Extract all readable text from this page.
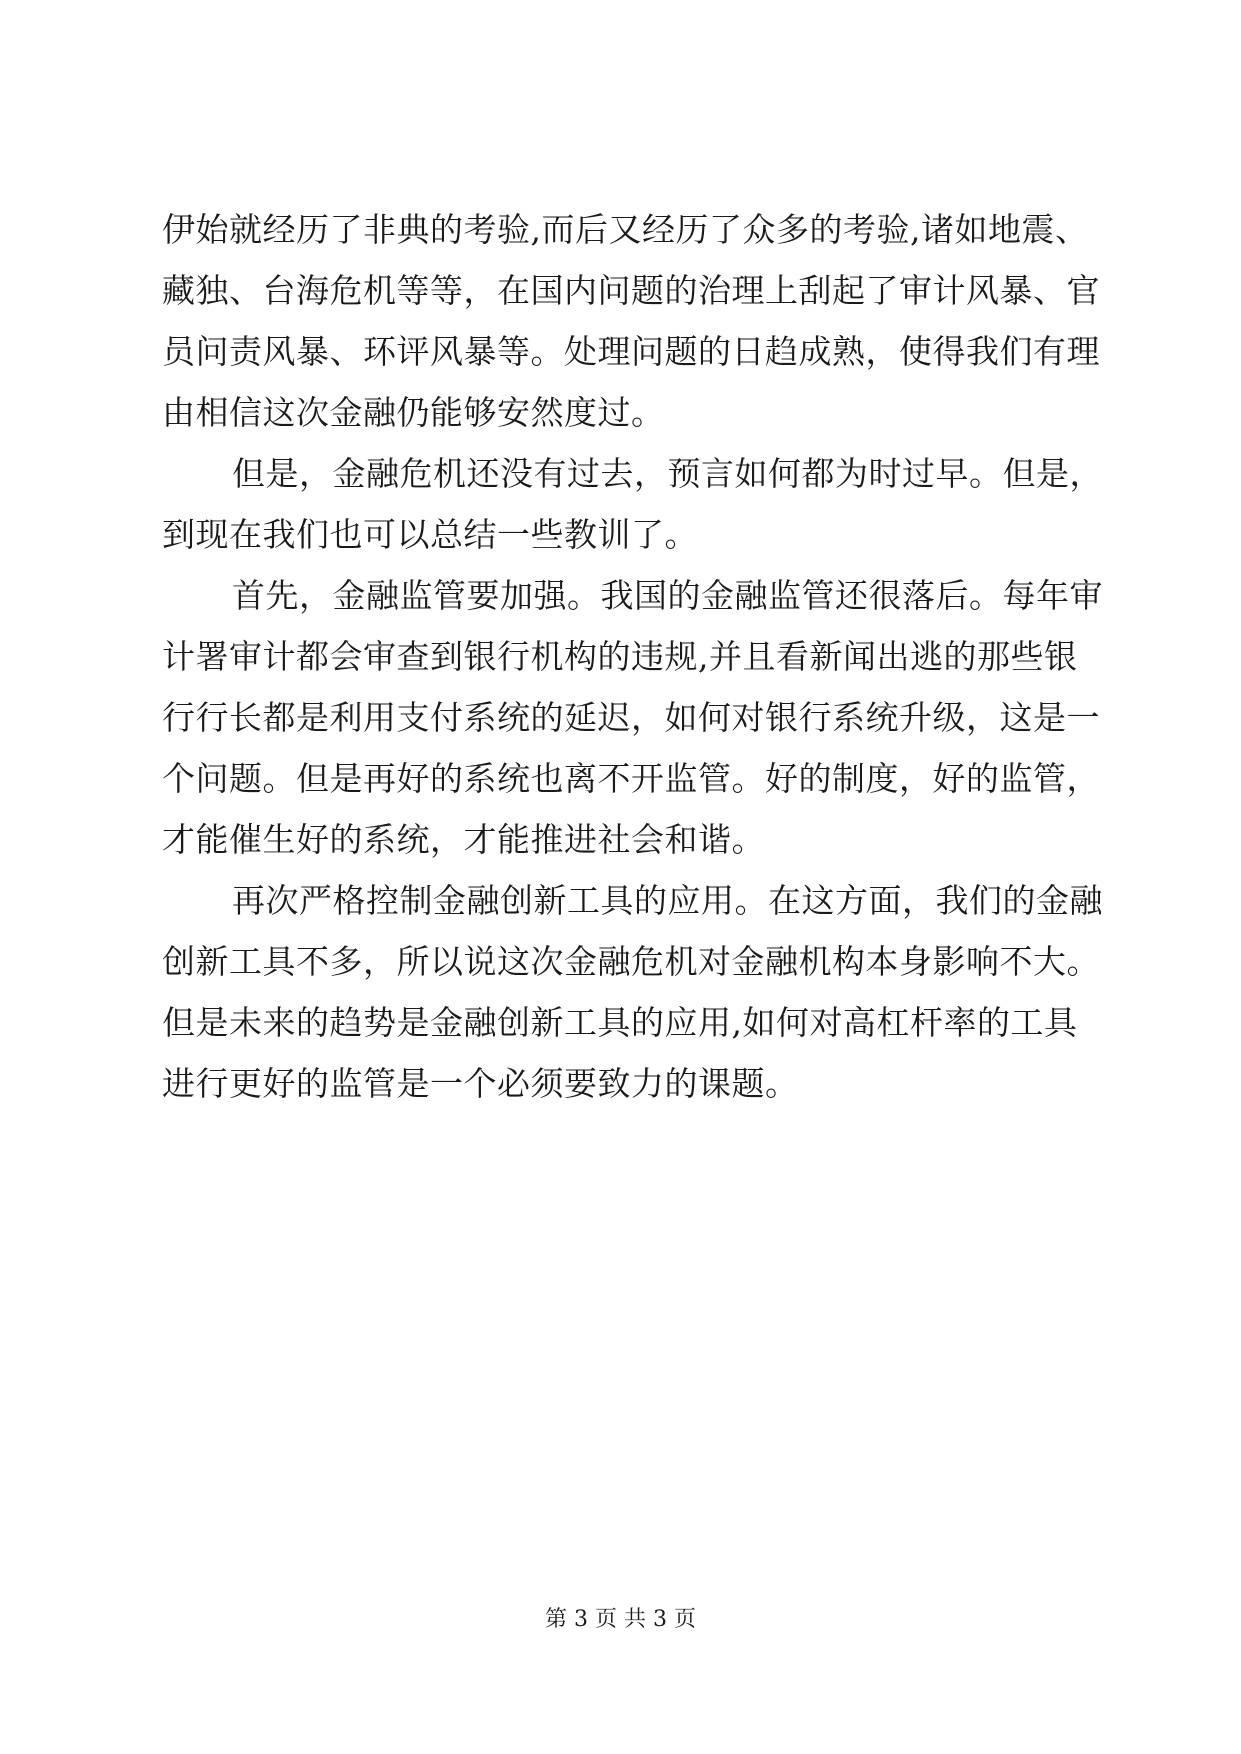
伊始就经历了非典的考验,而后又经历了众多的考验,诸如地震、
藏独、台海危机等等，在国内问题的治理上刮起了审计风暴、官
员问责风暴、环评风暴等。处理问题的日趋成熟，使得我们有理
由相信这次金融仍能够安然度过。
但是，金融危机还没有过去，预言如何都为时过早。但是，
到现在我们也可以总结一些教训了。
首先，金融监管要加强。我国的金融监管还很落后。每年审
计署审计都会审查到银行机构的违规,并且看新闻出逃的那些银
行行长都是利用支付系统的延迟，如何对银行系统升级，这是一
个问题。但是再好的系统也离不开监管。好的制度，好的监管，
才能催生好的系统，才能推进社会和谐。
再次严格控制金融创新工具的应用。在这方面，我们的金融
创新工具不多，所以说这次金融危机对金融机构本身影响不大。
但是未来的趋势是金融创新工具的应用,如何对高杠杆率的工具
进行更好的监管是一个必须要致力的课题。
第 3 页 共 3 页
